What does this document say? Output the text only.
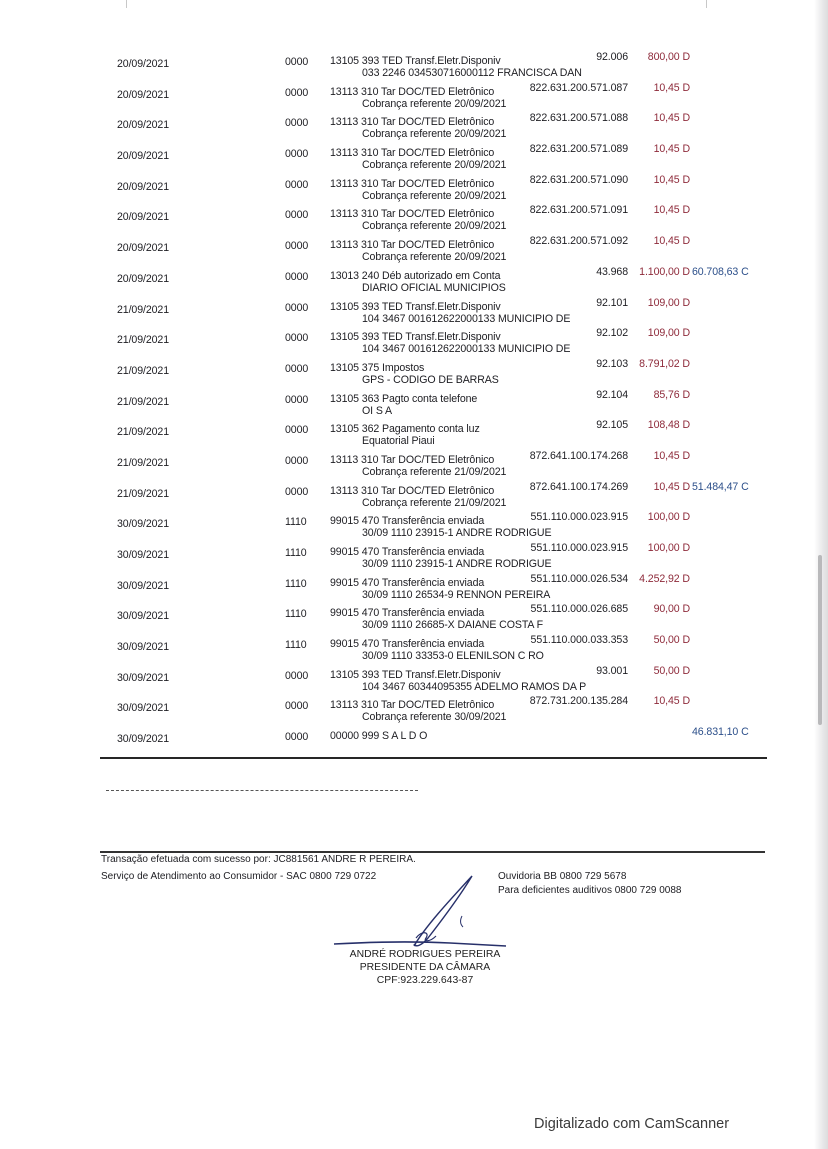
20/09/2021	0000 13105 393 TED Transf.Eletr.Disponiv
033 2246 034530716000112 FRANCISCA DAN
92.006 800,00 D
20/09/2021	0000 13113 310 Tar DOC/TED Eletrônico
Cobrança referente 20/09/2021
822.631.200.571.087 10,45 D
20/09/2021	0000 13113 310 Tar DOC/TED Eletrônico
Cobrança referente 20/09/2021
822.631.200.571.088 10,45 D
20/09/2021	0000 13113 310 Tar DOC/TED Eletrônico
Cobrança referente 20/09/2021
822.631.200.571.089 10,45 D
20/09/2021	0000 13113 310 Tar DOC/TED Eletrônico
Cobrança referente 20/09/2021
822.631.200.571.090 10,45 D
20/09/2021	0000 13113 310 Tar DOC/TED Eletrônico
Cobrança referente 20/09/2021
822.631.200.571.091 10,45 D
20/09/2021	0000 13113 310 Tar DOC/TED Eletrônico
Cobrança referente 20/09/2021
822.631.200.571.092 10,45 D
20/09/2021	0000 13013 240 Déb autorizado em Conta
DIARIO OFICIAL MUNICIPIOS
43.968 1.100,00 D 60.708,63 C
21/09/2021	0000 13105 393 TED Transf.Eletr.Disponiv
104 3467 001612622000133 MUNICIPIO DE
92.101 109,00 D
21/09/2021	0000 13105 393 TED Transf.Eletr.Disponiv
104 3467 001612622000133 MUNICIPIO DE
92.102 109,00 D
21/09/2021	0000 13105 375 Impostos
GPS - CODIGO DE BARRAS
92.103 8.791,02 D
21/09/2021	0000 13105 363 Pagto conta telefone
OI S A
92.104 85,76 D
21/09/2021	0000 13105 362 Pagamento conta luz
Equatorial Piaui
92.105 108,48 D
21/09/2021	0000 13113 310 Tar DOC/TED Eletrônico
Cobrança referente 21/09/2021
872.641.100.174.268 10,45 D
21/09/2021	0000 13113 310 Tar DOC/TED Eletrônico
Cobrança referente 21/09/2021
872.641.100.174.269 10,45 D 51.484,47 C
30/09/2021	1110 99015 470 Transferência enviada
30/09 1110 23915-1 ANDRE RODRIGUE
551.110.000.023.915 100,00 D
30/09/2021	1110 99015 470 Transferência enviada
30/09 1110 23915-1 ANDRE RODRIGUE
551.110.000.023.915 100,00 D
30/09/2021	1110 99015 470 Transferência enviada
30/09 1110 26534-9 RENNON PEREIRA
551.110.000.026.534 4.252,92 D
30/09/2021	1110 99015 470 Transferência enviada
30/09 1110 26685-X DAIANE COSTA F
551.110.000.026.685 90,00 D
30/09/2021	1110 99015 470 Transferência enviada
30/09 1110 33353-0 ELENILSON C RO
551.110.000.033.353 50,00 D
30/09/2021	0000 13105 393 TED Transf.Eletr.Disponiv
104 3467 60344095355 ADELMO RAMOS DA P
93.001 50,00 D
30/09/2021	0000 13113 310 Tar DOC/TED Eletrônico
Cobrança referente 30/09/2021
872.731.200.135.284 10,45 D
30/09/2021	0000 00000 999 S A L D O	46.831,10 C
Transação efetuada com sucesso por: JC881561 ANDRE R PEREIRA.
Serviço de Atendimento ao Consumidor - SAC 0800 729 0722	Ouvidoria BB 0800 729 5678
Para deficientes auditivos 0800 729 0088
ANDRÉ RODRIGUES PEREIRA
PRESIDENTE DA CÂMARA
CPF:923.229.643-87
Digitalizado com CamScanner
